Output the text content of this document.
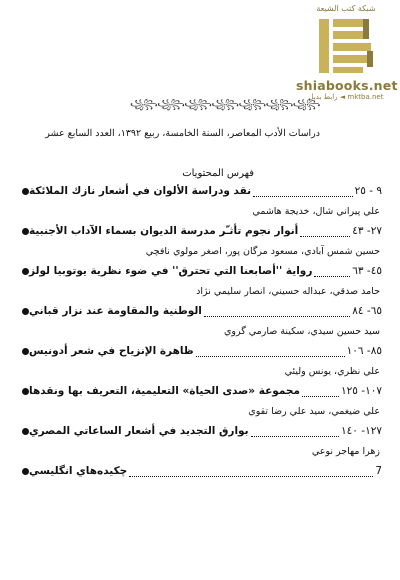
شبکة کتب الشیعة
shiabooks.net
mktba.net ◄ رابط بديل
꧁꧂꧁꧂꧁꧂꧁꧂꧁꧂꧁꧂꧁꧂
دراسات الأدب المعاصر، السنة الخامسة، ربيع ١٣٩٢، العدد السابع عشر
فهرس المحتويات
نقد ودراسة الألوان في أشعار نازك الملائكة	٩ - ٢٥
علي پيراني شال، خديجة هاشمي
أنوار نجوم تأثـّر مدرسة الديوان بسماء الآداب الأجنبية	٢٧- ٤٣
حسين شمس آبادي، مسعود مرگان پور، اصغر مولوي نافچي
رواية ''أصابعنا التي تحترق'' في ضوء نظرية يوتوبيا لولز	٤٥- ٦٣
حامد صدقي، عبداله حسيني، انصار سليمي نژاد
الوطنية والمقاومة عند نزار قباني	٦٥- ٨٤
سيد حسين سيدي، سكينة صارمي گروي
ظاهرة الإنزياح في شعر أدونيس	٨٥- ١٠٦
علي نظري، يونس وليئي
مجموعة «صدى الحياة» التعليمية، التعريف بها ونقدها	١٠٧- ١٢٥
علي ضيغمي، سيد علي رضا تقوي
بوارق التجديد في أشعار الساعاتي المصري	١٢٧- ١٤٠
زهرا مهاجر نوعي
چكيده‌هاي انگليسي	7
